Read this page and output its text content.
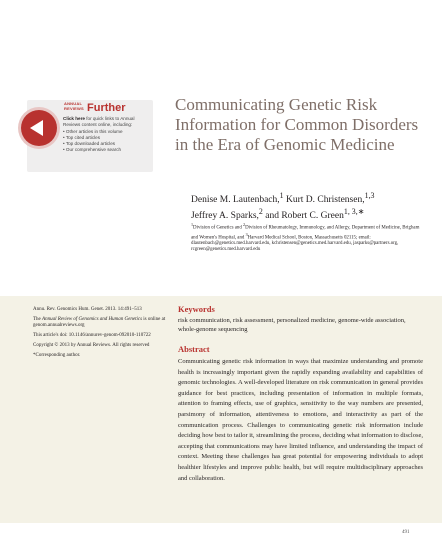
ANNUAL
REVIEWS Further
Click here for quick links to Annual Reviews content online, including:
• Other articles in this volume
• Top cited articles
• Top downloaded articles
• Our comprehensive search
Communicating Genetic Risk Information for Common Disorders in the Era of Genomic Medicine
Denise M. Lautenbach,$^1$ Kurt D. Christensen,$^{1,3}$
Jeffrey A. Sparks,$^2$ and Robert C. Green$^{1, 3,∗}$
$^1$Division of Genetics and $^2$Division of Rheumatology, Immunology, and Allergy, Department of Medicine, Brigham and Women's Hospital, and $^3$Harvard Medical School, Boston, Massachusetts 02115; email: dlautenbach@genetics.med.harvard.edu, kchristensen@genetics.med.harvard.edu, jasparks@partners.org, rcgreen@genetics.med.harvard.edu

Annu. Rev. Genomics Hum. Genet. 2013. 14:491–513

The Annual Review of Genomics and Human Genetics is online at genom.annualreviews.org

This article's doi: 10.1146/annurev-genom-092010-110722

Copyright © 2013 by Annual Reviews. All rights reserved

*Corresponding author.

Keywords
risk communication, risk assessment, personalized medicine, genome-wide association, whole-genome sequencing
Abstract
Communicating genetic risk information in ways that maximize understanding and promote health is increasingly important given the rapidly expanding availability and capabilities of genomic technologies. A well-developed literature on risk communication in general provides guidance for best practices, including presentation of information in multiple formats, attention to framing effects, use of graphics, sensitivity to the way numbers are presented, parsimony of information, attentiveness to emotions, and interactivity as part of the communication process. Challenges to communicating genetic risk information include deciding how best to tailor it, streamlining the process, deciding what information to disclose, accepting that communications may have limited influence, and understanding the impact of context. Meeting these challenges has great potential for empowering individuals to adopt healthier lifestyles and improve public health, but will require multidisciplinary approaches and collaboration.
491
